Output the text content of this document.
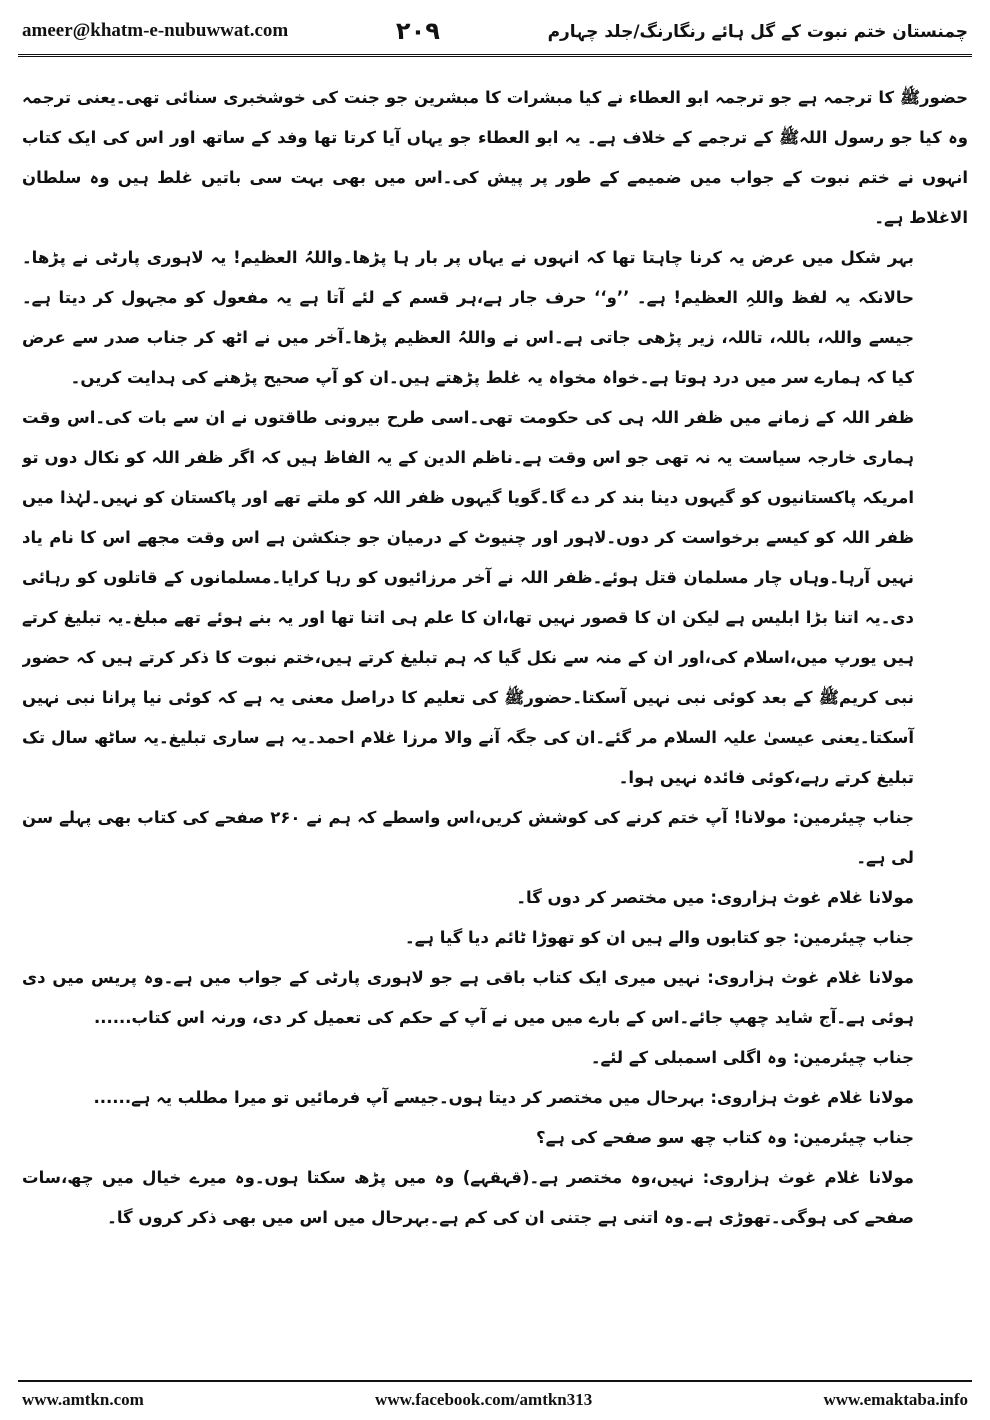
ameer@khatm-e-nubuwwat.com	۲۰۹	چمنستان ختم نبوت کے گل ہائے رنگارنگ/جلد چہارم

حضورﷺ کا ترجمہ ہے جو ترجمہ ابو العطاء نے کیا مبشرات کا مبشرین جو جنت کی خوشخبری سنائی تھی۔یعنی ترجمہ وہ کیا جو رسول اللہﷺ کے ترجمے کے خلاف ہے۔ یہ ابو العطاء جو یہاں آیا کرتا تھا وفد کے ساتھ اور اس کی ایک کتاب انہوں نے ختم نبوت کے جواب میں ضمیمے کے طور پر پیش کی۔اس میں بھی بہت سی باتیں غلط ہیں وہ سلطان الاغلاط ہے۔

بہر شکل میں عرض یہ کرنا چاہتا تھا کہ انہوں نے یہاں پر بار ہا پڑھا۔واللہُ العظیم! یہ لاہوری پارٹی نے پڑھا۔حالانکہ یہ لفظ واللہِ العظیم! ہے۔ ’’و‘‘ حرف جار ہے،ہر قسم کے لئے آتا ہے یہ مفعول کو مجہول کر دیتا ہے۔جیسے واللہ، باللہ، تاللہ، زیر پڑھی جاتی ہے۔اس نے واللہُ العظیم پڑھا۔آخر میں نے اٹھ کر جناب صدر سے عرض کیا کہ ہمارے سر میں درد ہوتا ہے۔خواہ مخواہ یہ غلط پڑھتے ہیں۔ان کو آپ صحیح پڑھنے کی ہدایت کریں۔

ظفر اللہ کے زمانے میں ظفر اللہ ہی کی حکومت تھی۔اسی طرح بیرونی طاقتوں نے ان سے بات کی۔اس وقت ہماری خارجہ سیاست یہ نہ تھی جو اس وقت ہے۔ناظم الدین کے یہ الفاظ ہیں کہ اگر ظفر اللہ کو نکال دوں تو امریکہ پاکستانیوں کو گیہوں دینا بند کر دے گا۔گویا گیہوں ظفر اللہ کو ملتے تھے اور پاکستان کو نہیں۔لہٰذا میں ظفر اللہ کو کیسے برخواست کر دوں۔لاہور اور چنیوٹ کے درمیان جو جنکشن ہے اس وقت مجھے اس کا نام یاد نہیں آرہا۔وہاں چار مسلمان قتل ہوئے۔ظفر اللہ نے آخر مرزائیوں کو رہا کرایا۔مسلمانوں کے قاتلوں کو رہائی دی۔یہ اتنا بڑا ابلیس ہے لیکن ان کا قصور نہیں تھا،ان کا علم ہی اتنا تھا اور یہ بنے ہوئے تھے مبلغ۔یہ تبلیغ کرتے ہیں یورپ میں،اسلام کی،اور ان کے منہ سے نکل گیا کہ ہم تبلیغ کرتے ہیں،ختم نبوت کا ذکر کرتے ہیں کہ حضور نبی کریمﷺ کے بعد کوئی نبی نہیں آسکتا۔حضورﷺ کی تعلیم کا دراصل معنی یہ ہے کہ کوئی نیا پرانا نبی نہیں آسکتا۔یعنی عیسیٰ علیہ السلام مر گئے۔ان کی جگہ آنے والا مرزا غلام احمد۔یہ ہے ساری تبلیغ۔یہ ساٹھ سال تک تبلیغ کرتے رہے،کوئی فائدہ نہیں ہوا۔

جناب چیئرمین: مولانا! آپ ختم کرنے کی کوشش کریں،اس واسطے کہ ہم نے ۲۶۰ صفحے کی کتاب بھی پہلے سن لی ہے۔

مولانا غلام غوث ہزاروی: میں مختصر کر دوں گا۔

جناب چیئرمین: جو کتابوں والے ہیں ان کو تھوڑا ٹائم دیا گیا ہے۔

مولانا غلام غوث ہزاروی: نہیں میری ایک کتاب باقی ہے جو لاہوری پارٹی کے جواب میں ہے۔وہ پریس میں دی ہوئی ہے۔آج شاید چھپ جائے۔اس کے بارے میں میں نے آپ کے حکم کی تعمیل کر دی، ورنہ اس کتاب......

جناب چیئرمین: وہ اگلی اسمبلی کے لئے۔

مولانا غلام غوث ہزاروی: بہرحال میں مختصر کر دیتا ہوں۔جیسے آپ فرمائیں تو میرا مطلب یہ ہے......

جناب چیئرمین: وہ کتاب چھ سو صفحے کی ہے؟

مولانا غلام غوث ہزاروی: نہیں،وہ مختصر ہے۔(قہقہے) وہ میں پڑھ سکتا ہوں۔وہ میرے خیال میں چھ،سات صفحے کی ہوگی۔تھوڑی ہے۔وہ اتنی ہے جتنی ان کی کم ہے۔بہرحال میں اس میں بھی ذکر کروں گا۔

www.amtkn.com	www.facebook.com/amtkn313	www.emaktaba.info
